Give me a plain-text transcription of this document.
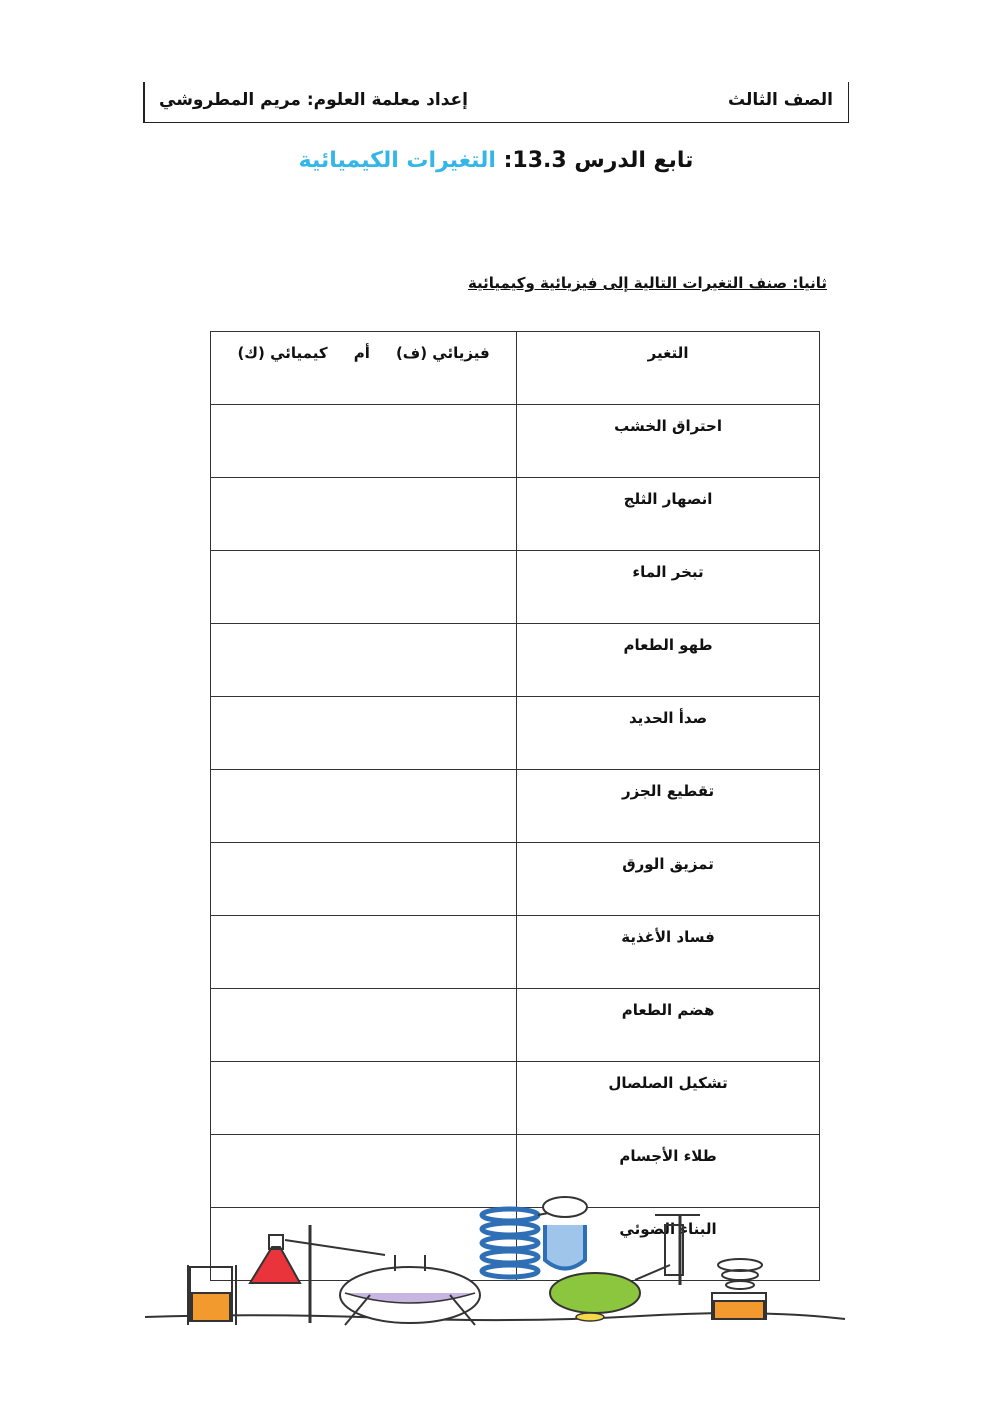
الصف الثالث
إعداد معلمة العلوم: مريم المطروشي
تابع الدرس 13.3: التغيرات الكيميائية
ثانيا: صنف التغيرات التالية إلى فيزيائية وكيميائية
التغير	فيزيائي (ف)     أم     كيميائي (ك)
احتراق الخشب	
انصهار الثلج	
تبخر الماء	
طهو الطعام	
صدأ الحديد	
تقطيع الجزر	
تمزيق الورق	
فساد الأغذية	
هضم الطعام	
تشكيل الصلصال	
طلاء الأجسام	
البناء الضوئي	
